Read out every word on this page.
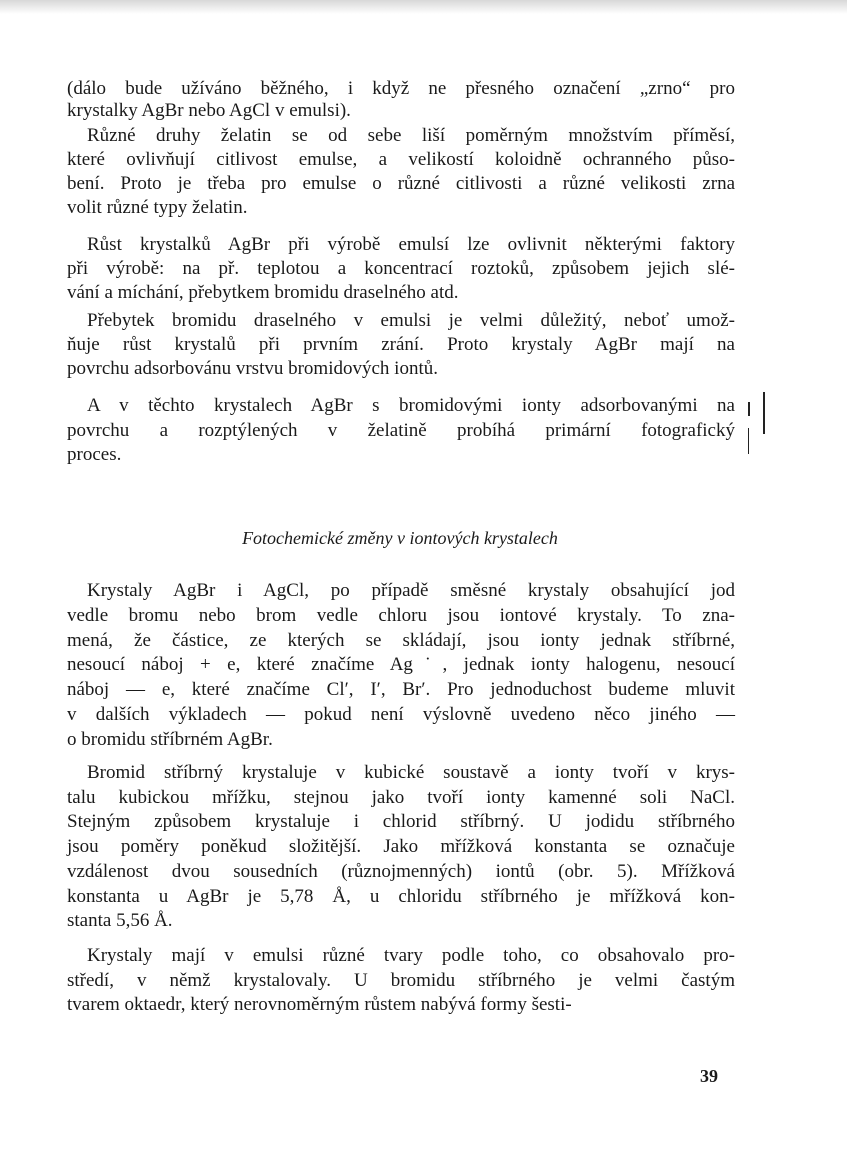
(dálo bude užíváno běžného, i když ne přesného označení „zrno“ pro
krystalky AgBr nebo AgCl v emulsi).
Různé druhy želatin se od sebe liší poměrným množstvím příměsí,
které ovlivňují citlivost emulse, a velikostí koloidně ochranného půso-
bení. Proto je třeba pro emulse o různé citlivosti a různé velikosti zrna
volit různé typy želatin.
Růst krystalků AgBr při výrobě emulsí lze ovlivnit některými faktory
při výrobě: na př. teplotou a koncentrací roztoků, způsobem jejich slé-
vání a míchání, přebytkem bromidu draselného atd.
Přebytek bromidu draselného v emulsi je velmi důležitý, neboť umož-
ňuje růst krystalů při prvním zrání. Proto krystaly AgBr mají na
povrchu adsorbovánu vrstvu bromidových iontů.
A v těchto krystalech AgBr s bromidovými ionty adsorbovanými na
povrchu a rozptýlených v želatině probíhá primární fotografický
proces.
Krystaly AgBr i AgCl, po případě směsné krystaly obsahující jod
vedle bromu nebo brom vedle chloru jsou iontové krystaly. To zna-
mená, že částice, ze kterých se skládají, jsou ionty jednak stříbrné,
nesoucí náboj + e, které značíme Ag˙, jednak ionty halogenu, nesoucí
náboj — e, které značíme Cl′, I′, Br′. Pro jednoduchost budeme mluvit
v dalších výkladech — pokud není výslovně uvedeno něco jiného —
o bromidu stříbrném AgBr.
Bromid stříbrný krystaluje v kubické soustavě a ionty tvoří v krys-
talu kubickou mřížku, stejnou jako tvoří ionty kamenné soli NaCl.
Stejným způsobem krystaluje i chlorid stříbrný. U jodidu stříbrného
jsou poměry poněkud složitější. Jako mřížková konstanta se označuje
vzdálenost dvou sousedních (různojmenných) iontů (obr. 5). Mřížková
konstanta u AgBr je 5,78 Å, u chloridu stříbrného je mřížková kon-
stanta 5,56 Å.
Krystaly mají v emulsi různé tvary podle toho, co obsahovalo pro-
středí, v němž krystalovaly. U bromidu stříbrného je velmi častým
tvarem oktaedr, který nerovnoměrným růstem nabývá formy šesti-
Fotochemické změny v iontových krystalech
39
